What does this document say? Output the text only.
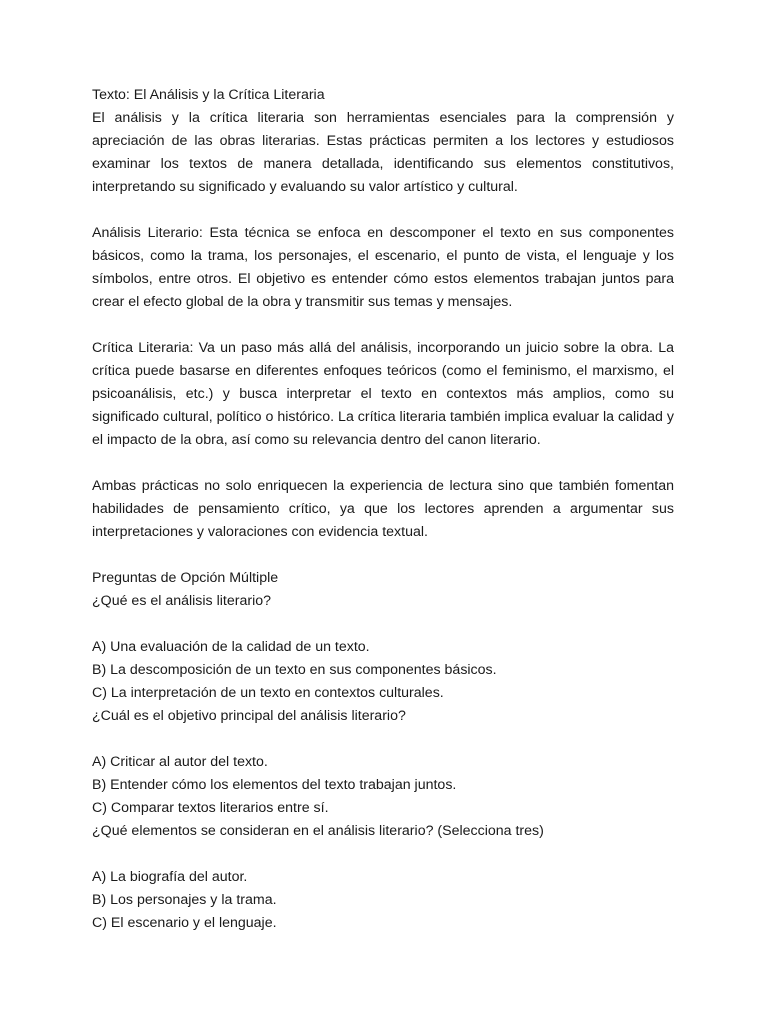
Texto: El Análisis y la Crítica Literaria

El análisis y la crítica literaria son herramientas esenciales para la comprensión y apreciación de las obras literarias. Estas prácticas permiten a los lectores y estudiosos examinar los textos de manera detallada, identificando sus elementos constitutivos, interpretando su significado y evaluando su valor artístico y cultural.

Análisis Literario: Esta técnica se enfoca en descomponer el texto en sus componentes básicos, como la trama, los personajes, el escenario, el punto de vista, el lenguaje y los símbolos, entre otros. El objetivo es entender cómo estos elementos trabajan juntos para crear el efecto global de la obra y transmitir sus temas y mensajes.

Crítica Literaria: Va un paso más allá del análisis, incorporando un juicio sobre la obra. La crítica puede basarse en diferentes enfoques teóricos (como el feminismo, el marxismo, el psicoanálisis, etc.) y busca interpretar el texto en contextos más amplios, como su significado cultural, político o histórico. La crítica literaria también implica evaluar la calidad y el impacto de la obra, así como su relevancia dentro del canon literario.

Ambas prácticas no solo enriquecen la experiencia de lectura sino que también fomentan habilidades de pensamiento crítico, ya que los lectores aprenden a argumentar sus interpretaciones y valoraciones con evidencia textual.

Preguntas de Opción Múltiple

¿Qué es el análisis literario?

A) Una evaluación de la calidad de un texto.

B) La descomposición de un texto en sus componentes básicos.

C) La interpretación de un texto en contextos culturales.

¿Cuál es el objetivo principal del análisis literario?

A) Criticar al autor del texto.

B) Entender cómo los elementos del texto trabajan juntos.

C) Comparar textos literarios entre sí.

¿Qué elementos se consideran en el análisis literario? (Selecciona tres)

A) La biografía del autor.

B) Los personajes y la trama.

C) El escenario y el lenguaje.
